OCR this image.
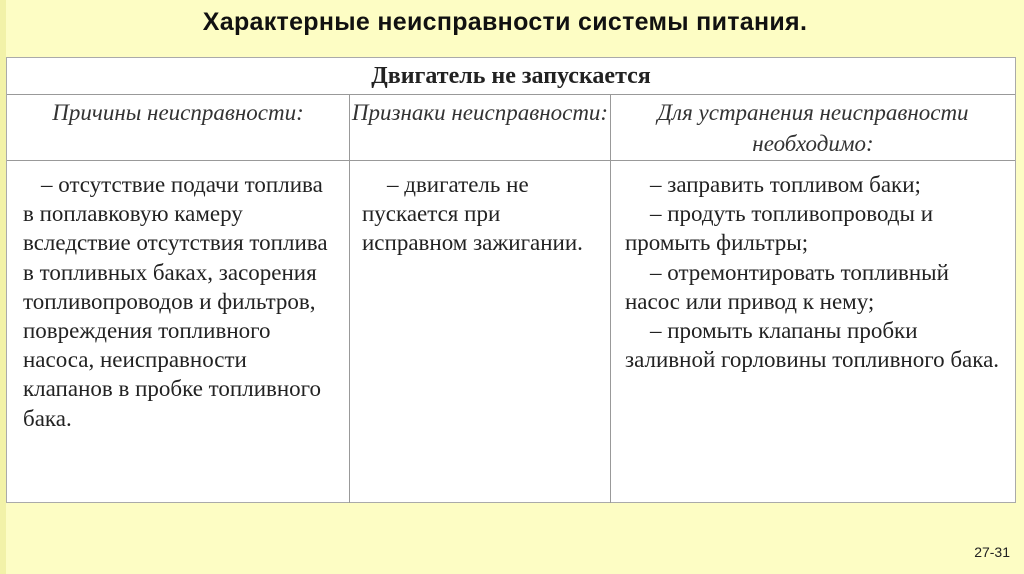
Характерные неисправности системы питания.
Двигатель не запускается
Причины неисправности:	Признаки неисправности:	Для устранения неисправности необходимо:

– отсутствие подачи топлива в поплавковую камеру вследствие отсутствия топлива в топливных баках, засорения топливопроводов и фильтров, повреждения топливного насоса, неисправности клапанов в пробке топливного бака.

– двигатель не пускается при исправном зажигании.

– заправить топливом баки;

– продуть топливопроводы и промыть фильтры;

– отремонтировать топливный насос или привод к нему;

– промыть клапаны пробки заливной горловины топливного бака.

27-31
